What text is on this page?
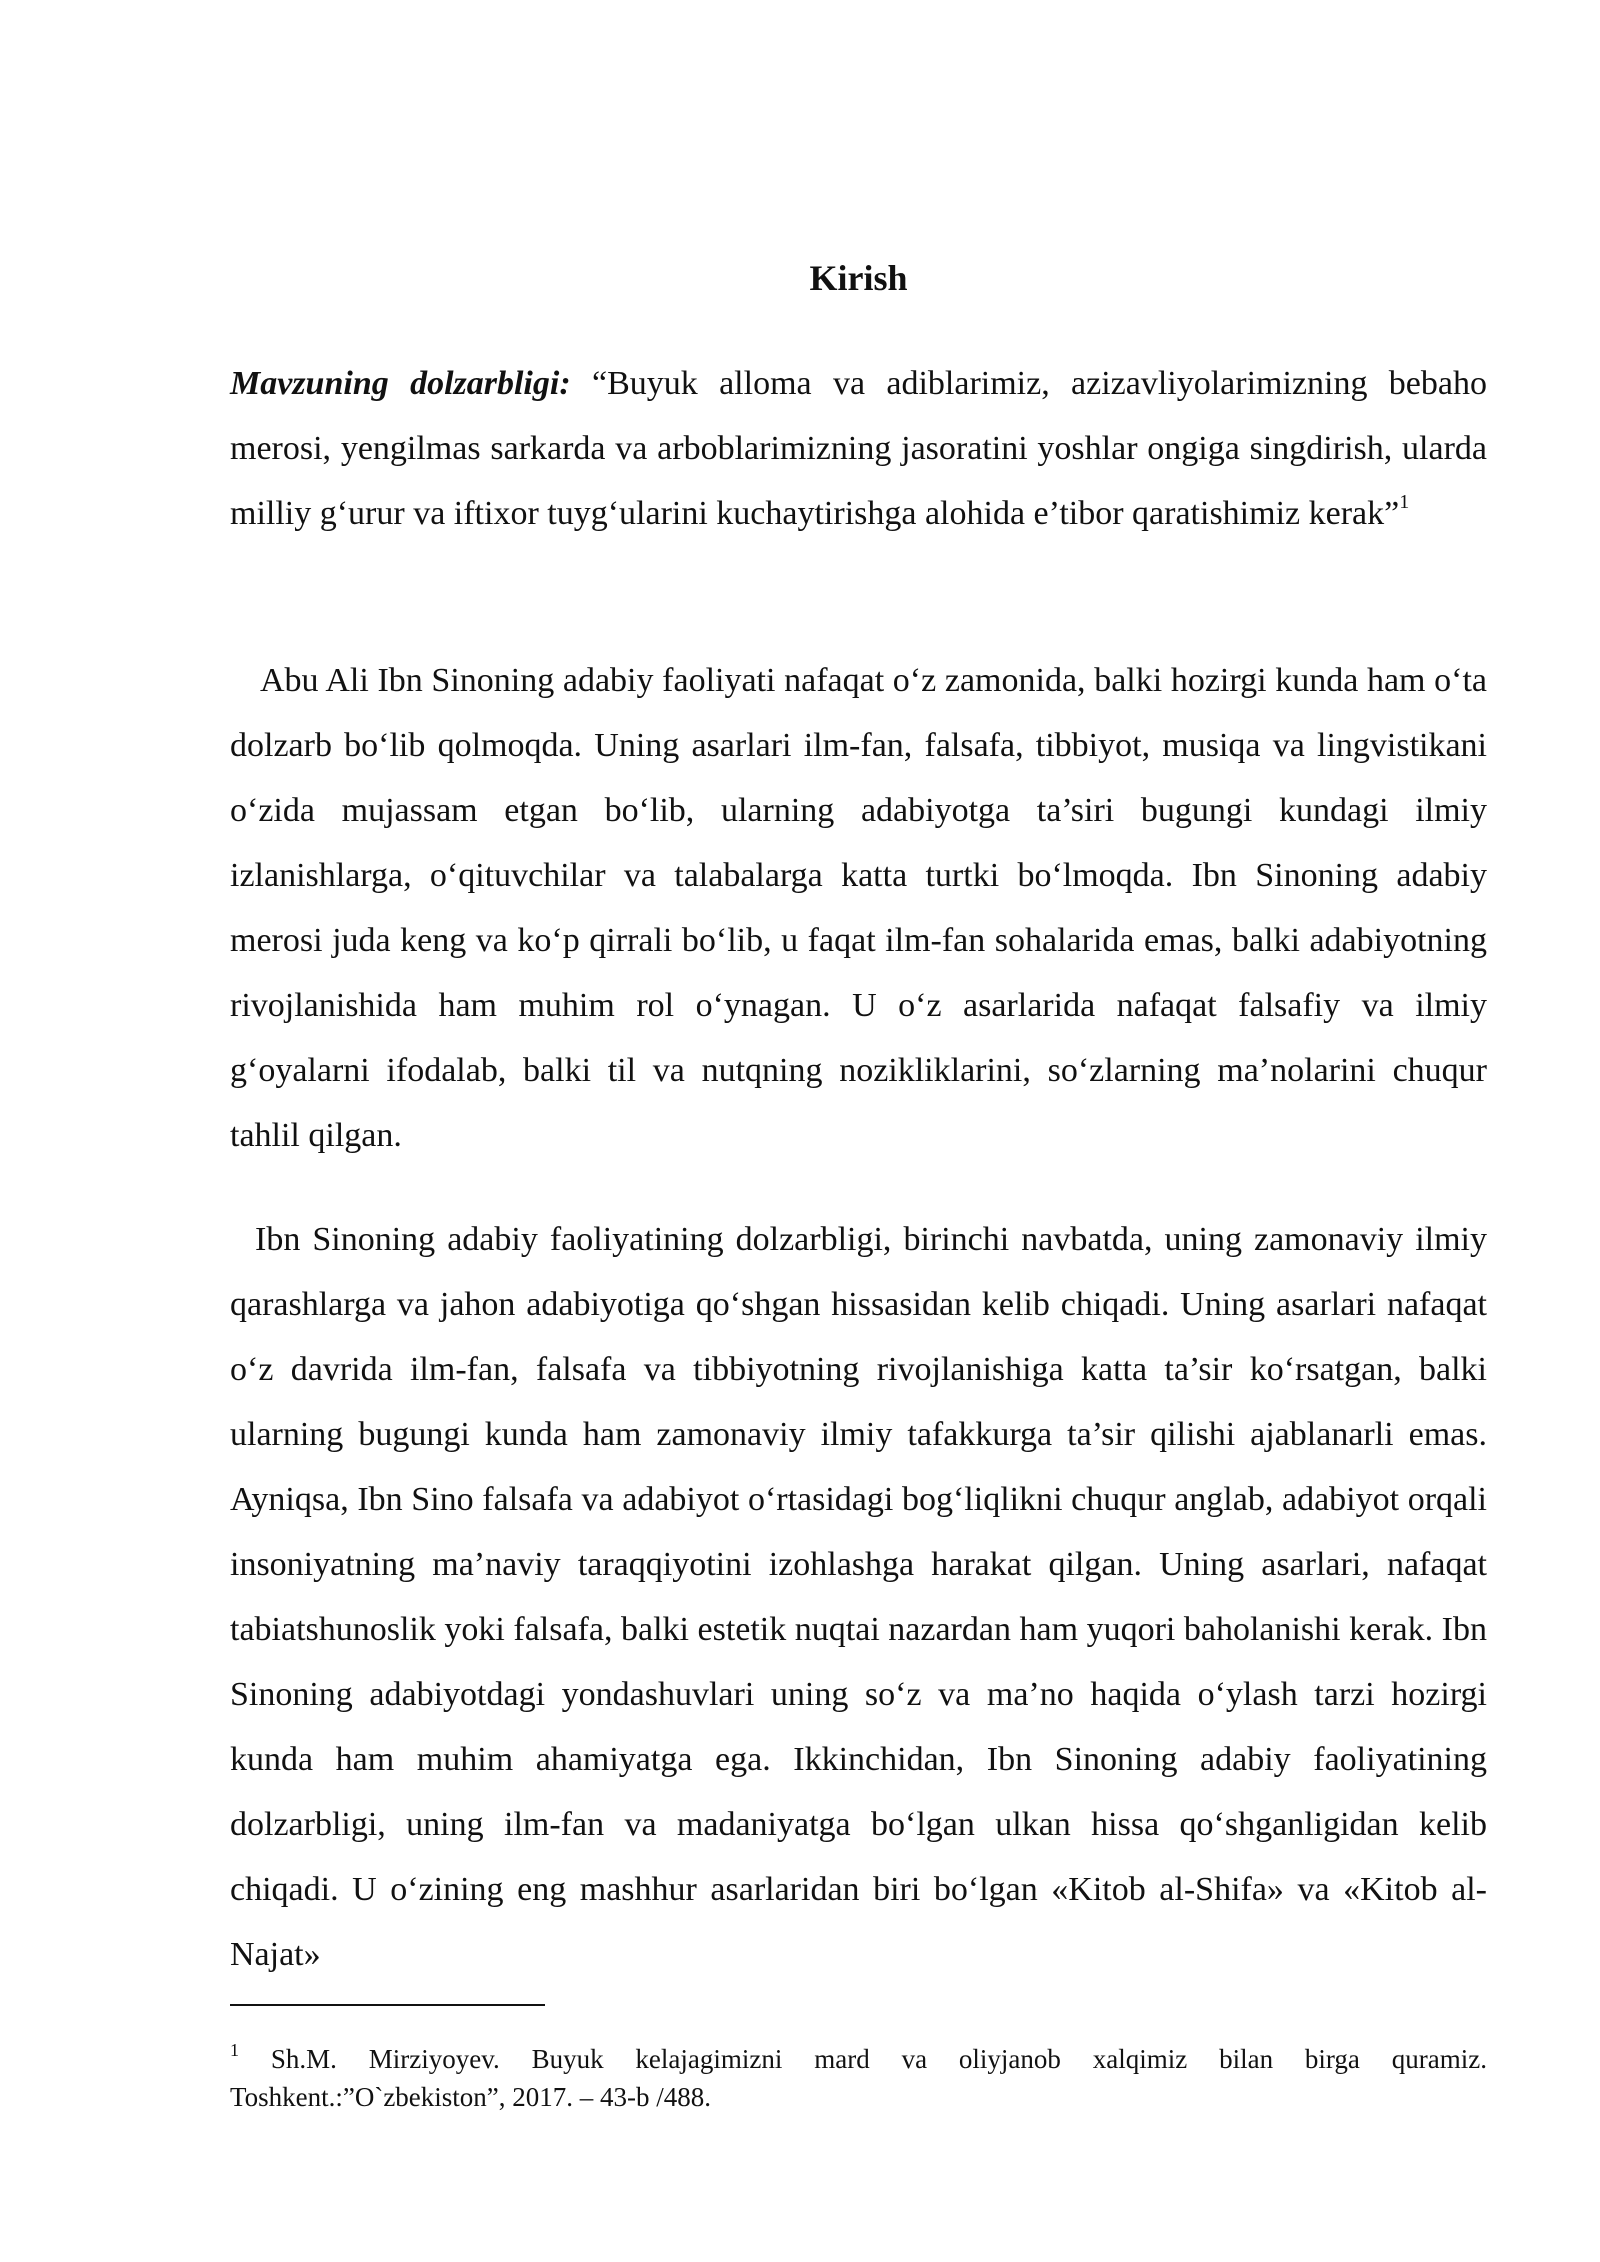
Kirish

Mavzuning dolzarbligi: “Buyuk alloma va adiblarimiz, azizavliyolarimizning bebaho merosi, yengilmas sarkarda va arboblarimizning jasoratini yoshlar ongiga singdirish, ularda milliy g‘urur va iftixor tuyg‘ularini kuchaytirishga alohida e’tibor qaratishimiz kerak”$^1$

Abu Ali Ibn Sinoning adabiy faoliyati nafaqat o‘z zamonida, balki hozirgi kunda ham o‘ta dolzarb bo‘lib qolmoqda. Uning asarlari ilm-fan, falsafa, tibbiyot, musiqa va lingvistikani o‘zida mujassam etgan bo‘lib, ularning adabiyotga ta’siri bugungi kundagi ilmiy izlanishlarga, o‘qituvchilar va talabalarga katta turtki bo‘lmoqda. Ibn Sinoning adabiy merosi juda keng va ko‘p qirrali bo‘lib, u faqat ilm-fan sohalarida emas, balki adabiyotning rivojlanishida ham muhim rol o‘ynagan. U o‘z asarlarida nafaqat falsafiy va ilmiy g‘oyalarni ifodalab, balki til va nutqning nozikliklarini, so‘zlarning ma’nolarini chuqur tahlil qilgan.

Ibn Sinoning adabiy faoliyatining dolzarbligi, birinchi navbatda, uning zamonaviy ilmiy qarashlarga va jahon adabiyotiga qo‘shgan hissasidan kelib chiqadi. Uning asarlari nafaqat o‘z davrida ilm-fan, falsafa va tibbiyotning rivojlanishiga katta ta’sir ko‘rsatgan, balki ularning bugungi kunda ham zamonaviy ilmiy tafakkurga ta’sir qilishi ajablanarli emas. Ayniqsa, Ibn Sino falsafa va adabiyot o‘rtasidagi bog‘liqlikni chuqur anglab, adabiyot orqali insoniyatning ma’naviy taraqqiyotini izohlashga harakat qilgan. Uning asarlari, nafaqat tabiatshunoslik yoki falsafa, balki estetik nuqtai nazardan ham yuqori baholanishi kerak. Ibn Sinoning adabiyotdagi yondashuvlari uning so‘z va ma’no haqida o‘ylash tarzi hozirgi kunda ham muhim ahamiyatga ega. Ikkinchidan, Ibn Sinoning adabiy faoliyatining dolzarbligi, uning ilm-fan va madaniyatga bo‘lgan ulkan hissa qo‘shganligidan kelib chiqadi. U o‘zining eng mashhur asarlaridan biri bo‘lgan «Kitob al-Shifa» va «Kitob al-Najat»

$^1$ Sh.M. Mirziyoyev. Buyuk kelajagimizni mard va oliyjanob xalqimiz bilan birga quramiz. Toshkent.:”O`zbekiston”, 2017. – 43-b /488.
